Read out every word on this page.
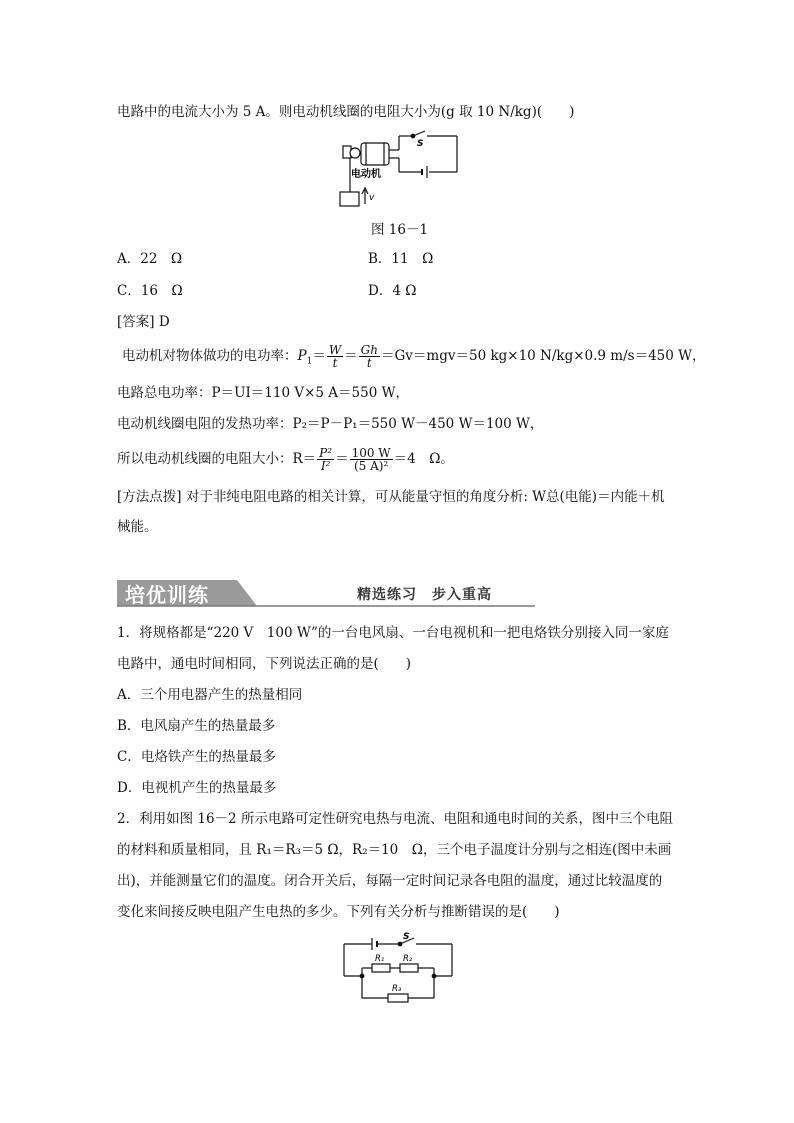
电路中的电流大小为 5 A。则电动机线圈的电阻大小为(g 取 10 N/kg)(　　)
S
电动机
v
图 16－1
A．22　Ω	B．11　Ω
C．16　Ω	D．4 Ω
[答案] D
电动机对物体做功的电功率：$P_1= \frac{W}{t} = \frac{Gh}{t} =Gv=mgv=50$ kg×10 N/kg×0.9 m/s＝450 W，
电路总电功率：P＝UI＝110 V×5 A＝550 W，
电动机线圈电阻的发热功率：P₂＝P－P₁＝550 W－450 W＝100 W，
所以电动机线圈的电阻大小：$R= \frac{\text{P²}}{\text{I²}} = \frac{100 W}{\text{(5 A)²}} =4$　Ω。
[方法点拨] 对于非纯电阻电路的相关计算，可从能量守恒的角度分析: W总(电能)＝内能＋机
械能。
培优训练	精选练习　步入重高
1．将规格都是“220 V　100 W”的一台电风扇、一台电视机和一把电烙铁分别接入同一家庭
电路中，通电时间相同，下列说法正确的是(　　)
A．三个用电器产生的热量相同
B．电风扇产生的热量最多
C．电烙铁产生的热量最多
D．电视机产生的热量最多
2．利用如图 16－2 所示电路可定性研究电热与电流、电阻和通电时间的关系，图中三个电阻
的材料和质量相同，且 R₁＝R₃＝5 Ω，R₂＝10　Ω，三个电子温度计分别与之相连(图中未画
出)，并能测量它们的温度。闭合开关后，每隔一定时间记录各电阻的温度，通过比较温度的
变化来间接反映电阻产生电热的多少。下列有关分析与推断错误的是(　　)
S
R₁ R₂
R₃
